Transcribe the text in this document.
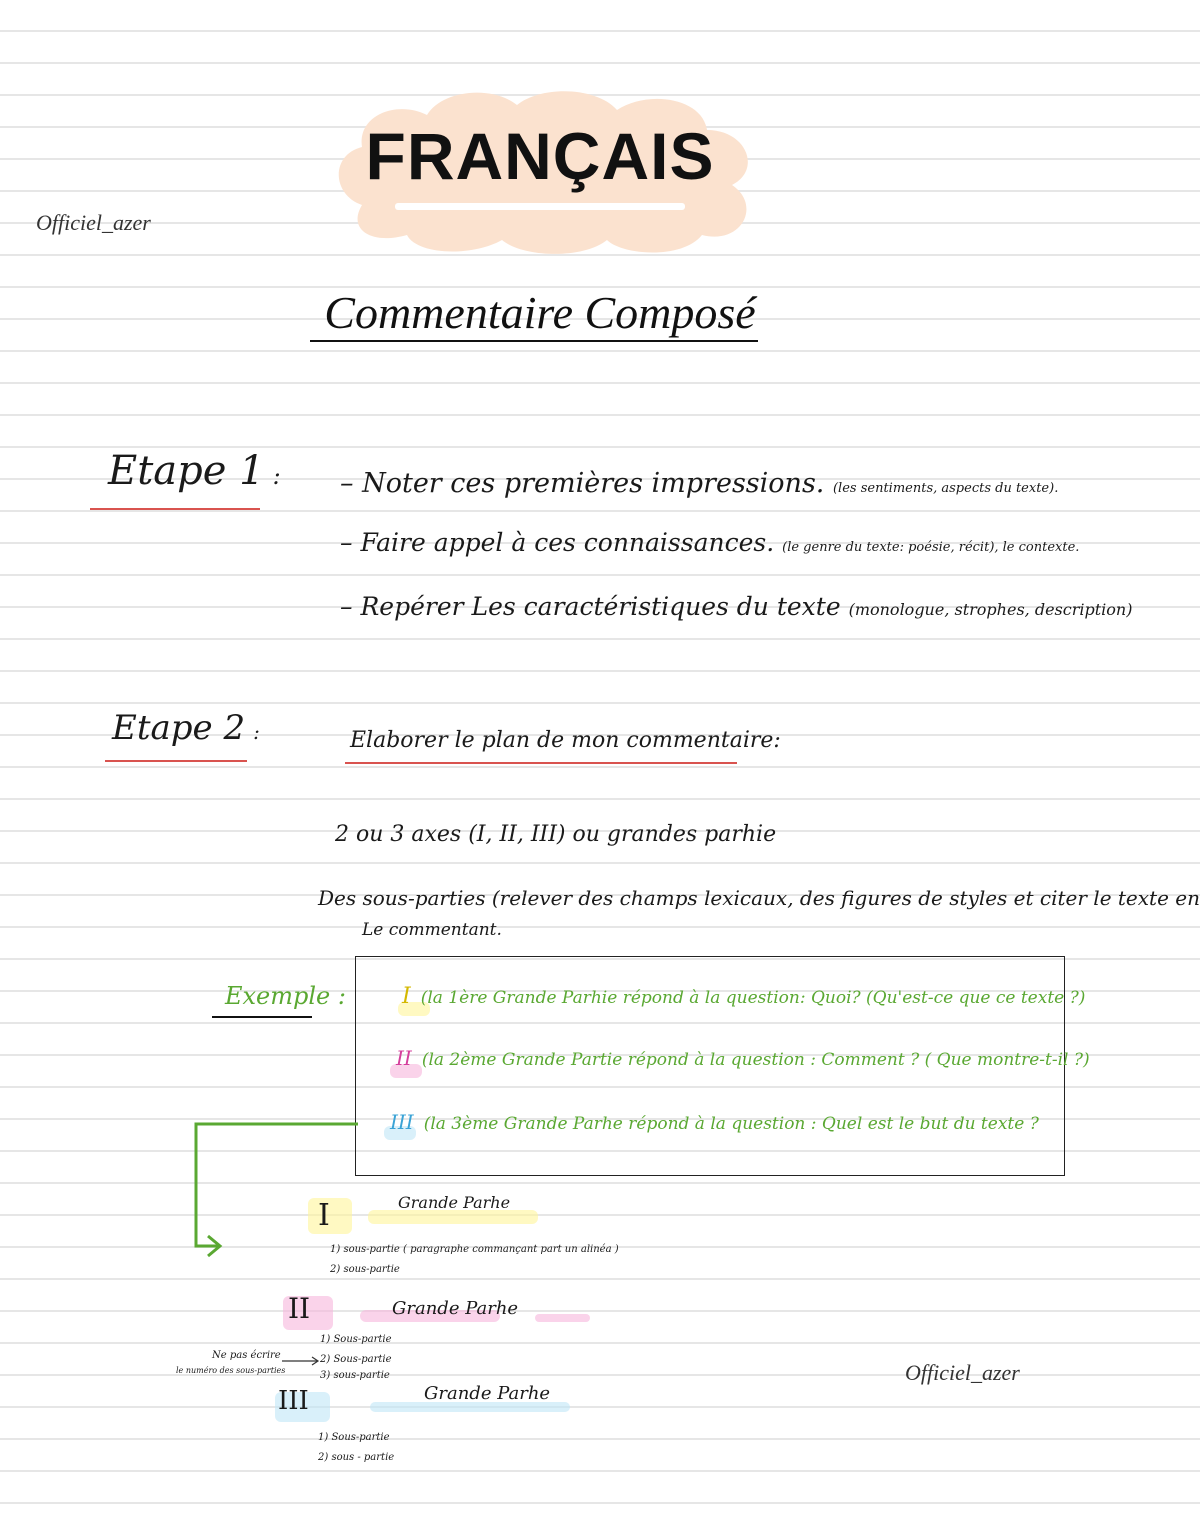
Officiel_azer
Officiel_azer
FRANÇAIS
Commentaire Composé
Etape 1 : – Noter ces premières impressions. (les sentiments, aspects du texte).
– Faire appel à ces connaissances. (le genre du texte: poésie, récit), le contexte.
– Repérer Les caractéristiques du texte (monologue, strophes, description)
Etape 2 :	Elaborer le plan de mon commentaire:
2 ou 3 axes (I, II, III) ou grandes parhie
Des sous-parties (relever des champs lexicaux, des figures de styles et citer le texte en
Le commentant.
Exemple :	I (la 1ère Grande Parhie répond à la question: Quoi? (Qu'est-ce que ce texte ?)
II (la 2ème Grande Partie répond à la question : Comment ? ( Que montre-t-il ?)
III (la 3ème Grande Parhe répond à la question : Quel est le but du texte ?
I	Grande Parhe
1) sous-partie ( paragraphe commançant part un alinéa )
2) sous-partie
II	Grande Parhe
1) Sous-partie
2) Sous-partie
3) sous-partie
Ne pas écrire
le numéro des sous-parties
III	Grande Parhe
1) Sous-partie
2) sous - partie
